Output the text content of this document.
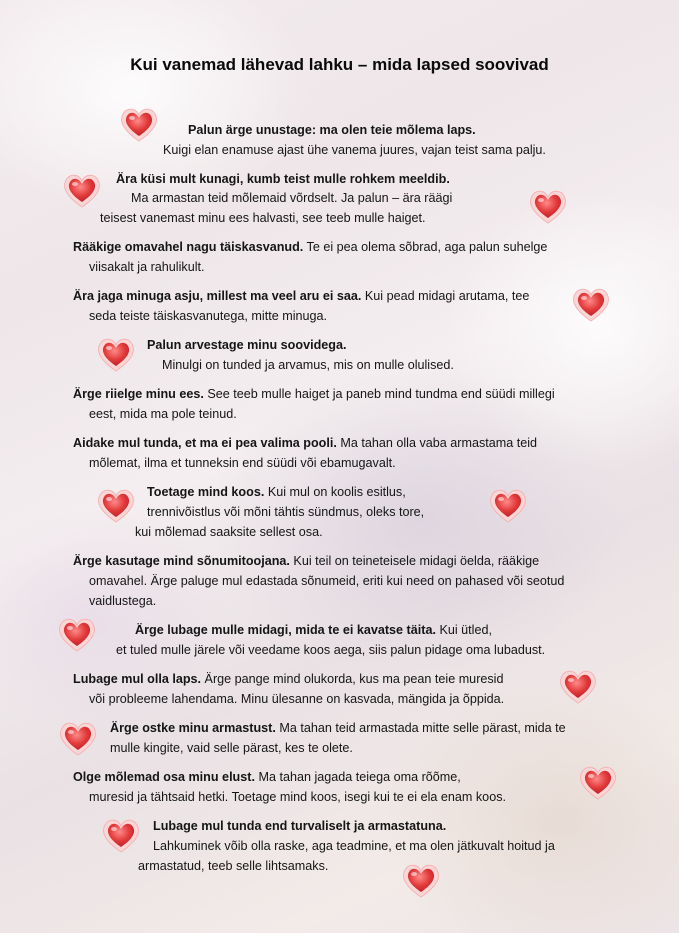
Kui vanemad lähevad lahku – mida lapsed soovivad
Palun ärge unustage: ma olen teie mõlema laps.
Kuigi elan enamuse ajast ühe vanema juures, vajan teist sama palju.
Ära küsi mult kunagi, kumb teist mulle rohkem meeldib.
Ma armastan teid mõlemaid võrdselt. Ja palun – ära räägi
teisest vanemast minu ees halvasti, see teeb mulle haiget.
Rääkige omavahel nagu täiskasvanud. Te ei pea olema sõbrad, aga palun suhelge
viisakalt ja rahulikult.
Ära jaga minuga asju, millest ma veel aru ei saa. Kui pead midagi arutama, tee
seda teiste täiskasvanutega, mitte minuga.
Palun arvestage minu soovidega.
Minulgi on tunded ja arvamus, mis on mulle olulised.
Ärge riielge minu ees. See teeb mulle haiget ja paneb mind tundma end süüdi millegi
eest, mida ma pole teinud.
Aidake mul tunda, et ma ei pea valima pooli. Ma tahan olla vaba armastama teid
mõlemat, ilma et tunneksin end süüdi või ebamugavalt.
Toetage mind koos. Kui mul on koolis esitlus,
trennivõistlus või mõni tähtis sündmus, oleks tore,
kui mõlemad saaksite sellest osa.
Ärge kasutage mind sõnumitoojana. Kui teil on teineteisele midagi öelda, rääkige
omavahel. Ärge paluge mul edastada sõnumeid, eriti kui need on pahased või seotud
vaidlustega.
Ärge lubage mulle midagi, mida te ei kavatse täita. Kui ütled,
et tuled mulle järele või veedame koos aega, siis palun pidage oma lubadust.
Lubage mul olla laps. Ärge pange mind olukorda, kus ma pean teie muresid
või probleeme lahendama. Minu ülesanne on kasvada, mängida ja õppida.
Ärge ostke minu armastust. Ma tahan teid armastada mitte selle pärast, mida te
mulle kingite, vaid selle pärast, kes te olete.
Olge mõlemad osa minu elust. Ma tahan jagada teiega oma rõõme,
muresid ja tähtsaid hetki. Toetage mind koos, isegi kui te ei ela enam koos.
Lubage mul tunda end turvaliselt ja armastatuna.
Lahkuminek võib olla raske, aga teadmine, et ma olen jätkuvalt hoitud ja
armastatud, teeb selle lihtsamaks.
